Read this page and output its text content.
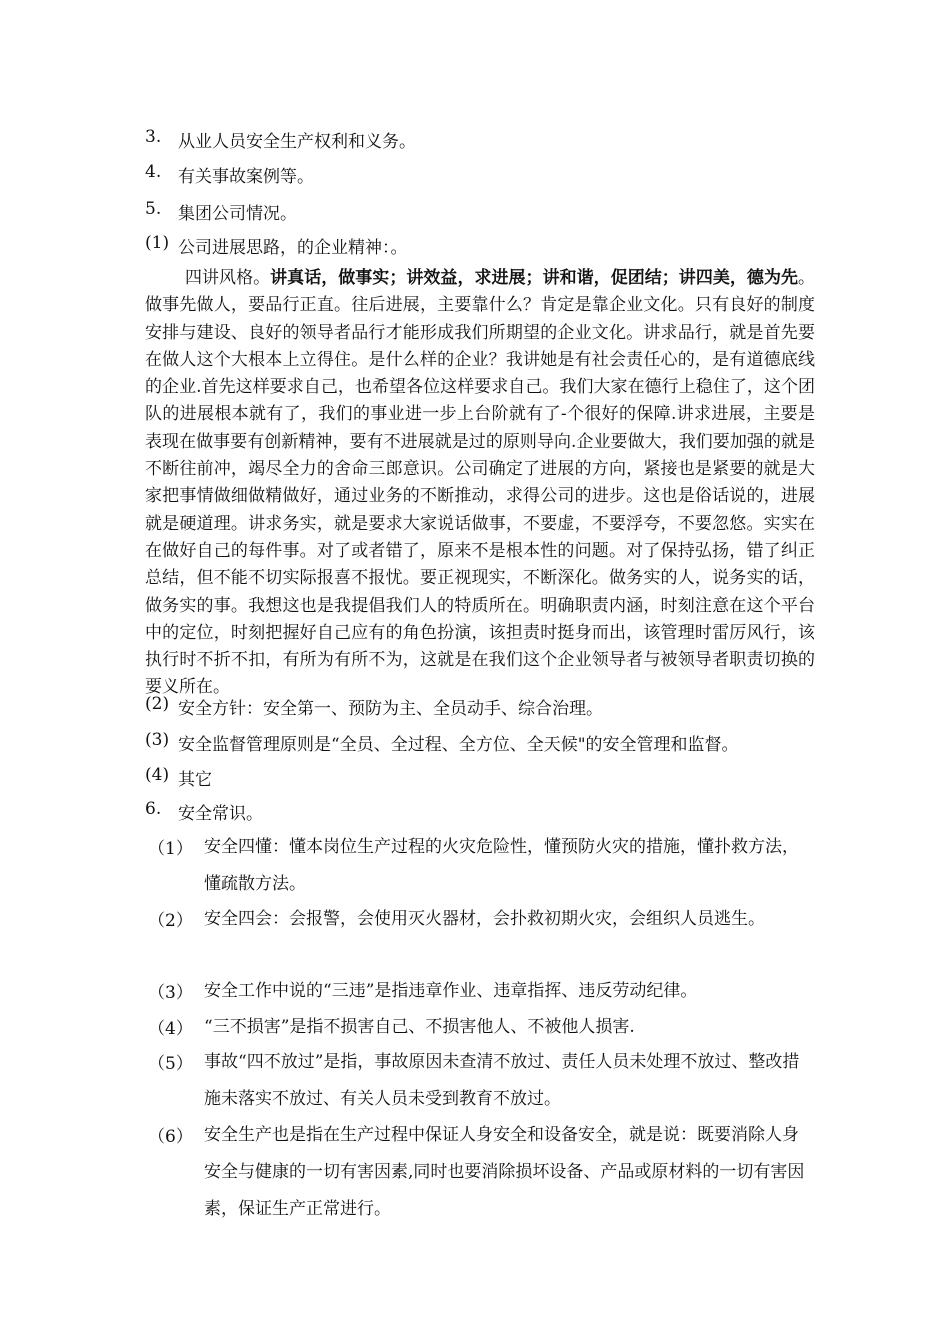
3. 从业人员安全生产权利和义务。
4. 有关事故案例等。
5. 集团公司情况。
(1) 公司进展思路，的企业精神：。
四讲风格。讲真话，做事实；讲效益，求进展；讲和谐，促团结；讲四美，德为先。做事先做人，要品行正直。往后进展，主要靠什么？肯定是靠企业文化。只有良好的制度安排与建设、良好的领导者品行才能形成我们所期望的企业文化。讲求品行，就是首先要在做人这个大根本上立得住。是什么样的企业？我讲她是有社会责任心的，是有道德底线的企业.首先这样要求自己，也希望各位这样要求自己。我们大家在德行上稳住了，这个团队的进展根本就有了，我们的事业进一步上台阶就有了-个很好的保障.讲求进展，主要是表现在做事要有创新精神，要有不进展就是过的原则导向.企业要做大，我们要加强的就是不断往前冲，竭尽全力的舍命三郎意识。公司确定了进展的方向，紧接也是紧要的就是大家把事情做细做精做好，通过业务的不断推动，求得公司的进步。这也是俗话说的，进展就是硬道理。讲求务实，就是要求大家说话做事，不要虚，不要浮夸，不要忽悠。实实在在做好自己的每件事。对了或者错了，原来不是根本性的问题。对了保持弘扬，错了纠正总结，但不能不切实际报喜不报忧。要正视现实，不断深化。做务实的人，说务实的话，做务实的事。我想这也是我提倡我们人的特质所在。明确职责内涵，时刻注意在这个平台中的定位，时刻把握好自己应有的角色扮演，该担责时挺身而出，该管理时雷厉风行，该执行时不折不扣，有所为有所不为，这就是在我们这个企业领导者与被领导者职责切换的要义所在。
(2) 安全方针：安全第一、预防为主、全员动手、综合治理。
(3) 安全监督管理原则是“全员、全过程、全方位、全天候"的安全管理和监督。
(4) 其它
6. 安全常识。
（1） 安全四懂：懂本岗位生产过程的火灾危险性，懂预防火灾的措施，懂扑救方法，懂疏散方法。
（2） 安全四会：会报警，会使用灭火器材，会扑救初期火灾，会组织人员逃生。
（3） 安全工作中说的“三违”是指违章作业、违章指挥、违反劳动纪律。
（4） “三不损害”是指不损害自己、不损害他人、不被他人损害.
（5） 事故“四不放过”是指，事故原因未查清不放过、责任人员未处理不放过、整改措施未落实不放过、有关人员未受到教育不放过。
（6） 安全生产也是指在生产过程中保证人身安全和设备安全，就是说：既要消除人身安全与健康的一切有害因素,同时也要消除损坏设备、产品或原材料的一切有害因素，保证生产正常进行。
